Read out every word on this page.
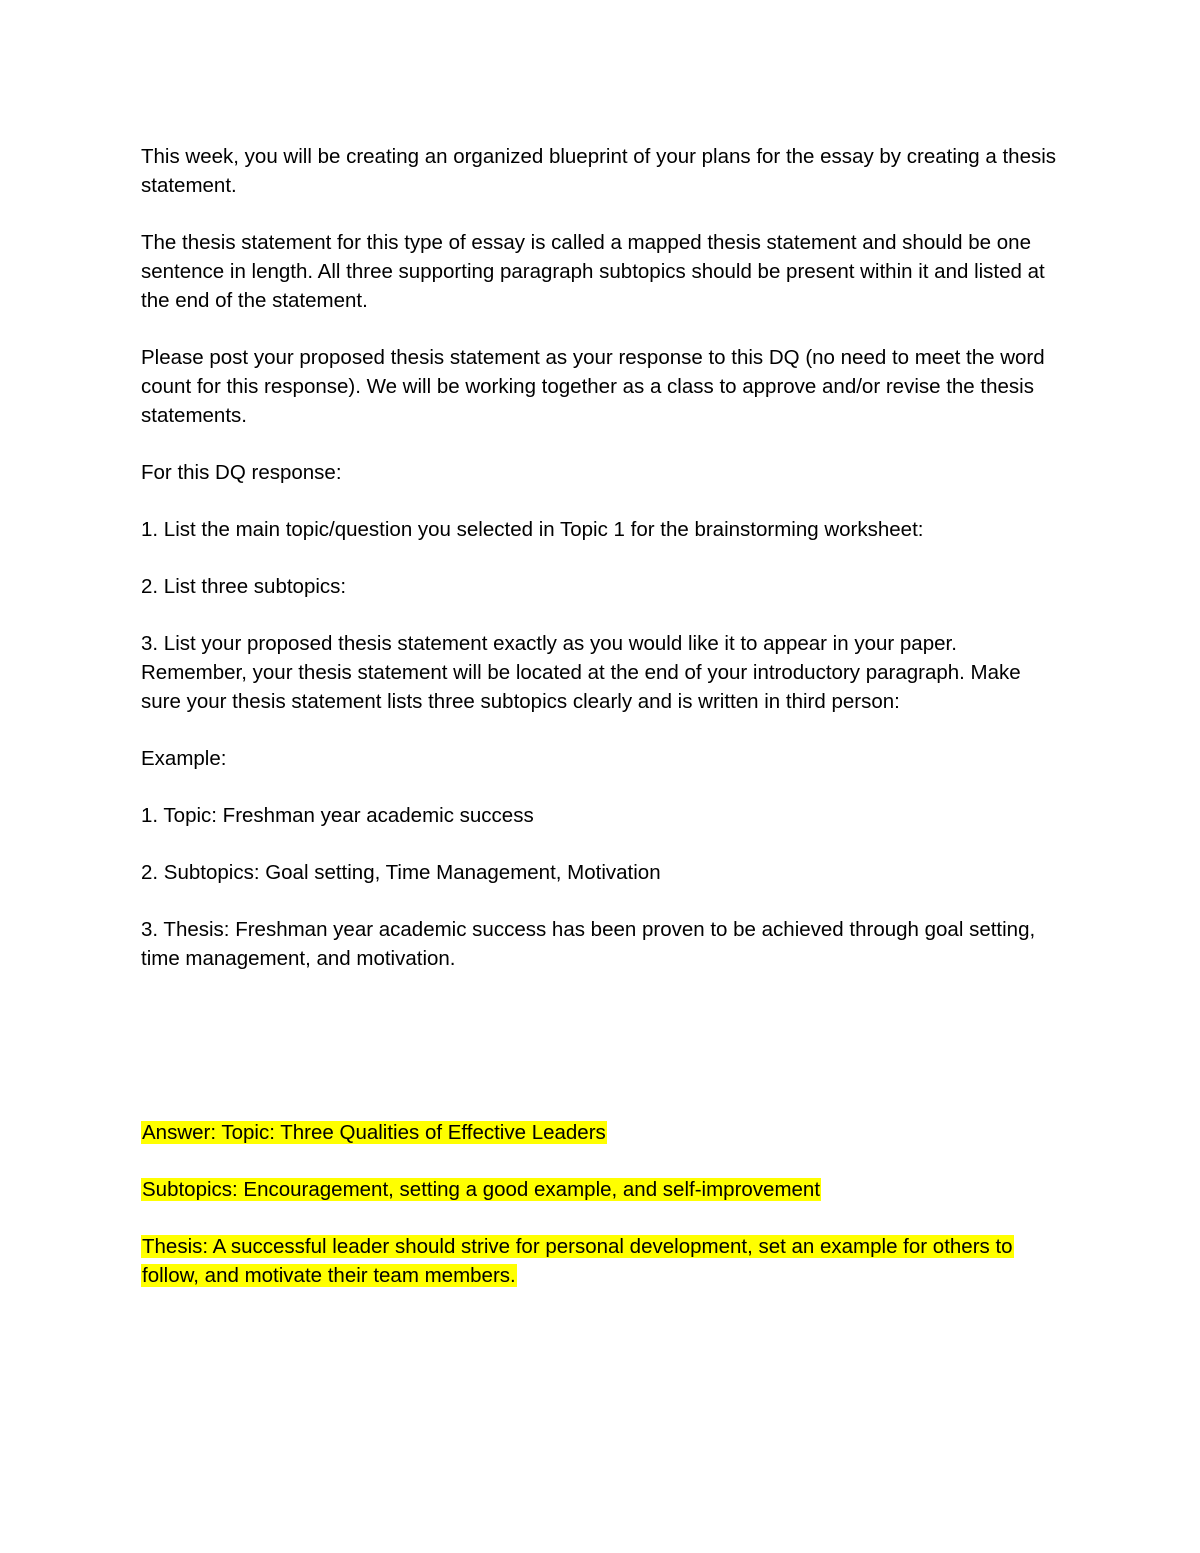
This week, you will be creating an organized blueprint of your plans for the essay by creating a thesis statement.

The thesis statement for this type of essay is called a mapped thesis statement and should be one sentence in length. All three supporting paragraph subtopics should be present within it and listed at the end of the statement.

Please post your proposed thesis statement as your response to this DQ (no need to meet the word count for this response). We will be working together as a class to approve and/or revise the thesis statements.

For this DQ response:

1. List the main topic/question you selected in Topic 1 for the brainstorming worksheet:

2. List three subtopics:

3. List your proposed thesis statement exactly as you would like it to appear in your paper. Remember, your thesis statement will be located at the end of your introductory paragraph. Make sure your thesis statement lists three subtopics clearly and is written in third person:

Example:

1. Topic: Freshman year academic success

2. Subtopics: Goal setting, Time Management, Motivation

3. Thesis: Freshman year academic success has been proven to be achieved through goal setting, time management, and motivation.

Answer: Topic: Three Qualities of Effective Leaders

Subtopics: Encouragement, setting a good example, and self-improvement

Thesis: A successful leader should strive for personal development, set an example for others to follow, and motivate their team members.
